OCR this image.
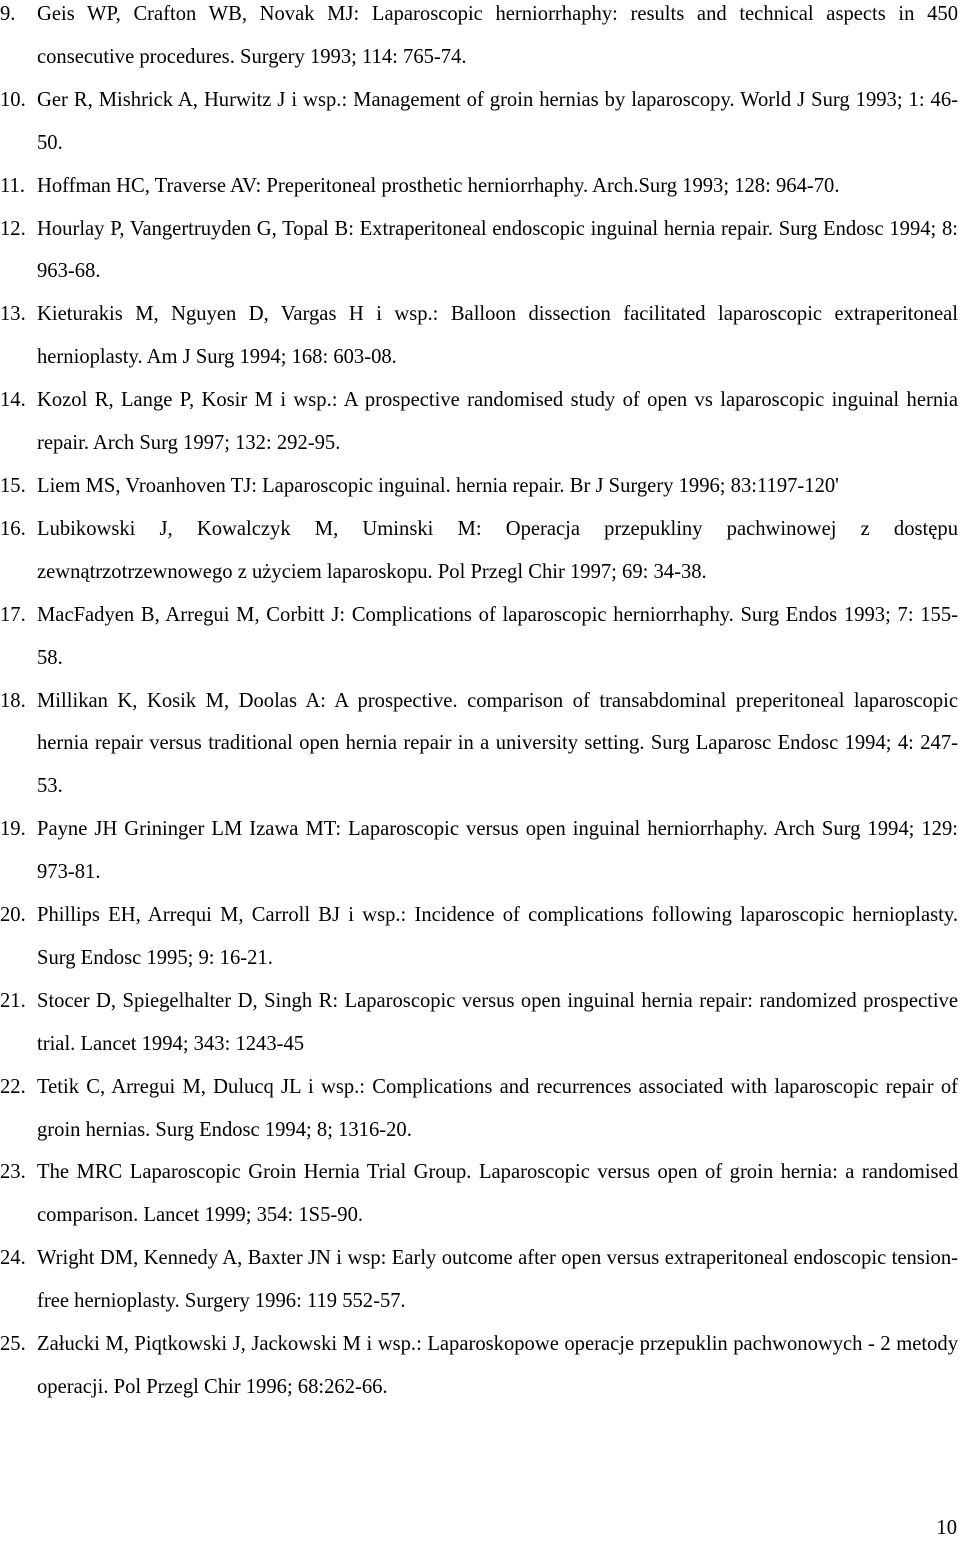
9. Geis WP, Crafton WB, Novak MJ: Laparoscopic herniorrhaphy: results and technical aspects in 450 consecutive procedures. Surgery 1993; 114: 765-74.
10. Ger R, Mishrick A, Hurwitz J i wsp.: Management of groin hernias by laparoscopy. World J Surg 1993; 1: 46-50.
11. Hoffman HC, Traverse AV: Preperitoneal prosthetic herniorrhaphy. Arch.Surg 1993; 128: 964-70.
12. Hourlay P, Vangertruyden G, Topal B: Extraperitoneal endoscopic inguinal hernia repair. Surg Endosc 1994; 8: 963-68.
13. Kieturakis M, Nguyen D, Vargas H i wsp.: Balloon dissection facilitated laparoscopic extraperitoneal hernioplasty. Am J Surg 1994; 168: 603-08.
14. Kozol R, Lange P, Kosir M i wsp.: A prospective randomised study of open vs laparoscopic inguinal hernia repair. Arch Surg 1997; 132: 292-95.
15. Liem MS, Vroanhoven TJ: Laparoscopic inguinal. hernia repair. Br J Surgery 1996; 83:1197-120'
16. Lubikowski J, Kowalczyk M, Uminski M: Operacja przepukliny pachwinowej z dostępu zewnątrzotrzewnowego z użyciem laparoskopu. Pol Przegl Chir 1997; 69: 34-38.
17. MacFadyen B, Arregui M, Corbitt J: Complications of laparoscopic herniorrhaphy. Surg Endos 1993; 7: 155-58.
18. Millikan K, Kosik M, Doolas A: A prospective. comparison of transabdominal preperitoneal laparoscopic hernia repair versus traditional open hernia repair in a university setting. Surg Laparosc Endosc 1994; 4: 247-53.
19. Payne JH Grininger LM Izawa MT: Laparoscopic versus open inguinal herniorrhaphy. Arch Surg 1994; 129: 973-81.
20. Phillips EH, Arrequi M, Carroll BJ i wsp.: Incidence of complications following laparoscopic hernioplasty. Surg Endosc 1995; 9: 16-21.
21. Stocer D, Spiegelhalter D, Singh R: Laparoscopic versus open inguinal hernia repair: randomized prospective trial. Lancet 1994; 343: 1243-45
22. Tetik C, Arregui M, Dulucq JL i wsp.: Complications and recurrences associated with laparoscopic repair of groin hernias. Surg Endosc 1994; 8; 1316-20.
23. The MRC Laparoscopic Groin Hernia Trial Group. Laparoscopic versus open of groin hernia: a randomised comparison. Lancet 1999; 354: 1S5-90.
24. Wright DM, Kennedy A, Baxter JN i wsp: Early outcome after open versus extraperitoneal endoscopic tension-free hernioplasty. Surgery 1996: 119 552-57.
25. Załucki M, Piqtkowski J, Jackowski M i wsp.: Laparoskopowe operacje przepuklin pachwonowych - 2 metody operacji. Pol Przegl Chir 1996; 68:262-66.
10
